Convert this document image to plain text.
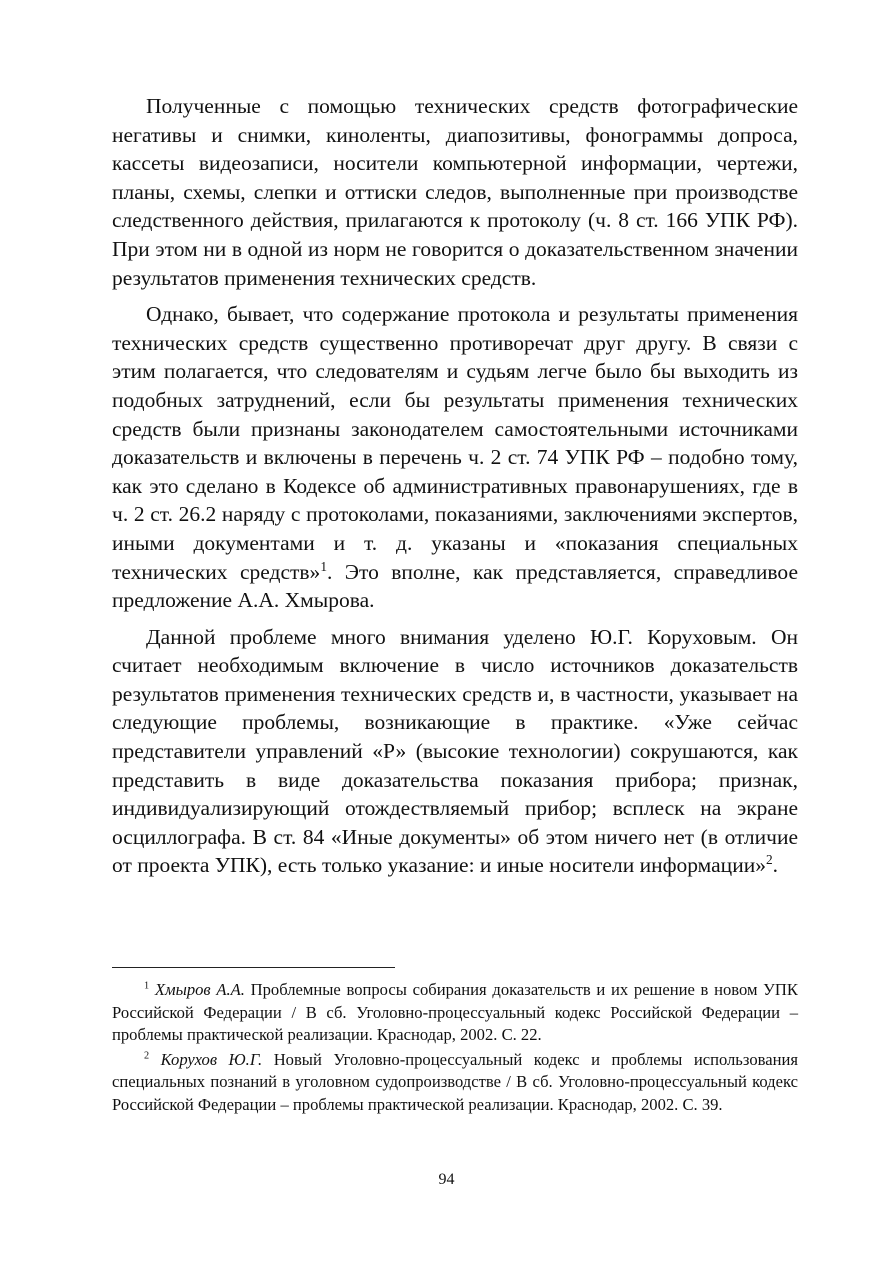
Полученные с помощью технических средств фотографические негативы и снимки, киноленты, диапозитивы, фонограммы допроса, кассеты видеозаписи, носители компьютерной информации, чертежи, планы, схемы, слепки и оттиски следов, выполненные при производстве следственного действия, прилагаются к протоколу (ч. 8 ст. 166 УПК РФ). При этом ни в одной из норм не говорится о доказательственном значении результатов применения технических средств.

Однако, бывает, что содержание протокола и результаты применения технических средств существенно противоречат друг другу. В связи с этим полагается, что следователям и судьям легче было бы выходить из подобных затруднений, если бы результаты применения технических средств были признаны законодателем самостоятельными источниками доказательств и включены в перечень ч. 2 ст. 74 УПК РФ – подобно тому, как это сделано в Кодексе об административных правонарушениях, где в ч. 2 ст. 26.2 наряду с протоколами, показаниями, заключениями экспертов, иными документами и т. д. указаны и «показания специальных технических средств»$^1$. Это вполне, как представляется, справедливое предложение А.А. Хмырова.

Данной проблеме много внимания уделено Ю.Г. Коруховым. Он считает необходимым включение в число источников доказательств результатов применения технических средств и, в частности, указывает на следующие проблемы, возникающие в практике. «Уже сейчас представители управлений «Р» (высокие технологии) сокрушаются, как представить в виде доказательства показания прибора; признак, индивидуализирующий отождествляемый прибор; всплеск на экране осциллографа. В ст. 84 «Иные документы» об этом ничего нет (в отличие от проекта УПК), есть только указание: и иные носители информации»$^2$.

$^1$ Хмыров А.А. Проблемные вопросы собирания доказательств и их решение в новом УПК Российской Федерации / В сб. Уголовно-процессуальный кодекс Российской Федерации – проблемы практической реализации. Краснодар, 2002. С. 22.

$^2$ Корухов Ю.Г. Новый Уголовно-процессуальный кодекс и проблемы использования специальных познаний в уголовном судопроизводстве / В сб. Уголовно-процессуальный кодекс Российской Федерации – проблемы практической реализации. Краснодар, 2002. С. 39.

94
